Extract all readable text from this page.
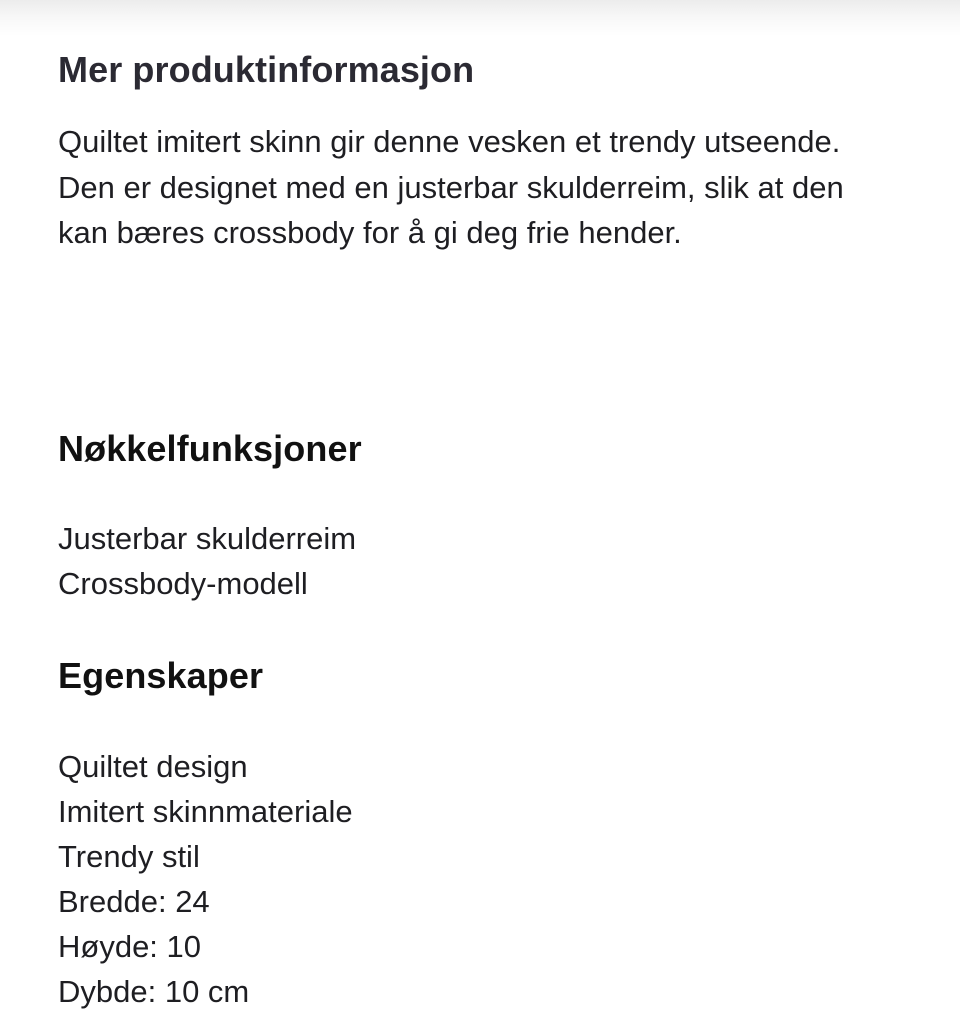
Mer produktinformasjon

Quiltet imitert skinn gir denne vesken et trendy utseende. Den er designet med en justerbar skulderreim, slik at den kan bæres crossbody for å gi deg frie hender.

Nøkkelfunksjoner
Justerbar skulderreim
Crossbody-modell
Egenskaper
Quiltet design
Imitert skinnmateriale
Trendy stil
Bredde: 24
Høyde: 10
Dybde: 10 cm
